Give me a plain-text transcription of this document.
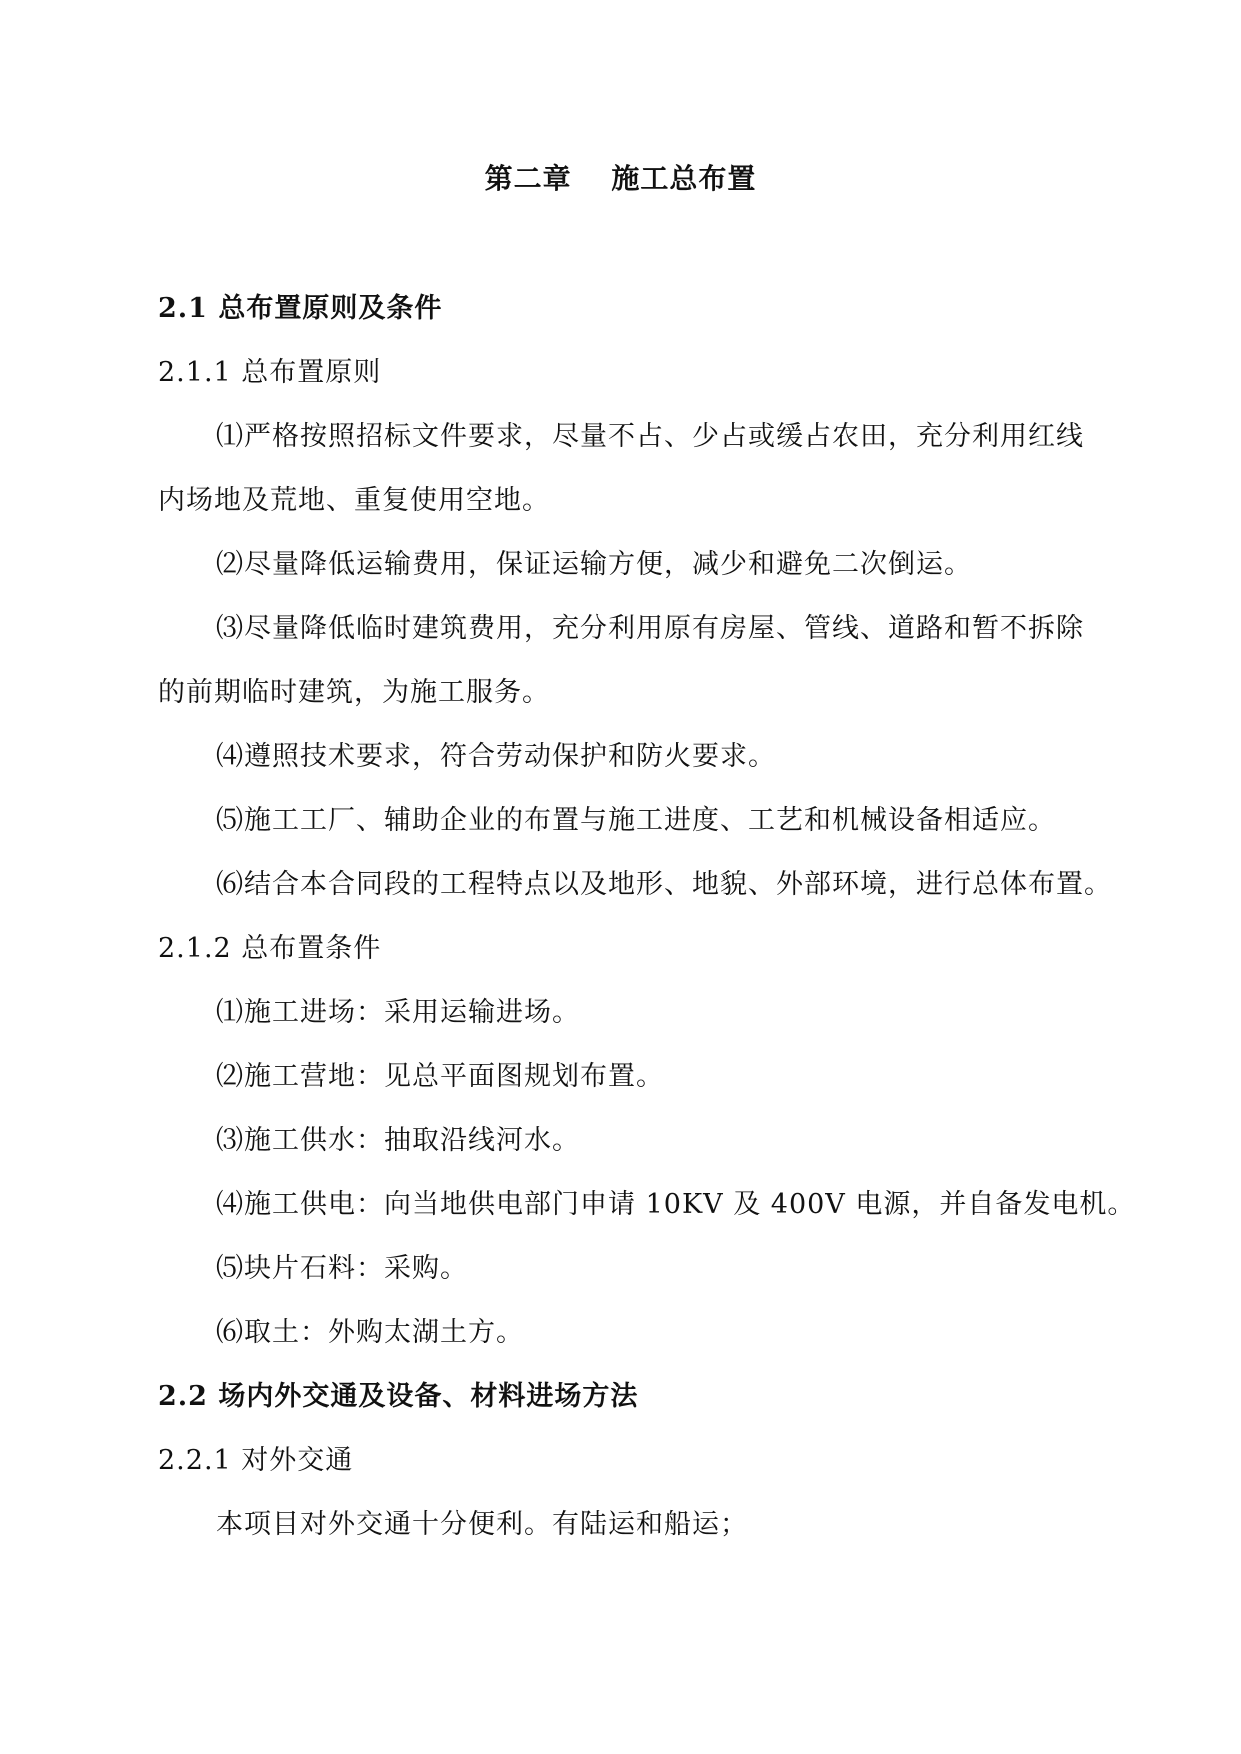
第二章　 施工总布置
2.1 总布置原则及条件
2.1.1 总布置原则
⑴严格按照招标文件要求，尽量不占、少占或缓占农田，充分利用红线
内场地及荒地、重复使用空地。
⑵尽量降低运输费用，保证运输方便，减少和避免二次倒运。
⑶尽量降低临时建筑费用，充分利用原有房屋、管线、道路和暂不拆除
的前期临时建筑，为施工服务。
⑷遵照技术要求，符合劳动保护和防火要求。
⑸施工工厂、辅助企业的布置与施工进度、工艺和机械设备相适应。
⑹结合本合同段的工程特点以及地形、地貌、外部环境，进行总体布置。
2.1.2 总布置条件
⑴施工进场：采用运输进场。
⑵施工营地：见总平面图规划布置。
⑶施工供水：抽取沿线河水。
⑷施工供电：向当地供电部门申请 10KV 及 400V 电源，并自备发电机。
⑸块片石料：采购。
⑹取土：外购太湖土方。
2.2 场内外交通及设备、材料进场方法
2.2.1 对外交通
本项目对外交通十分便利。有陆运和船运；
